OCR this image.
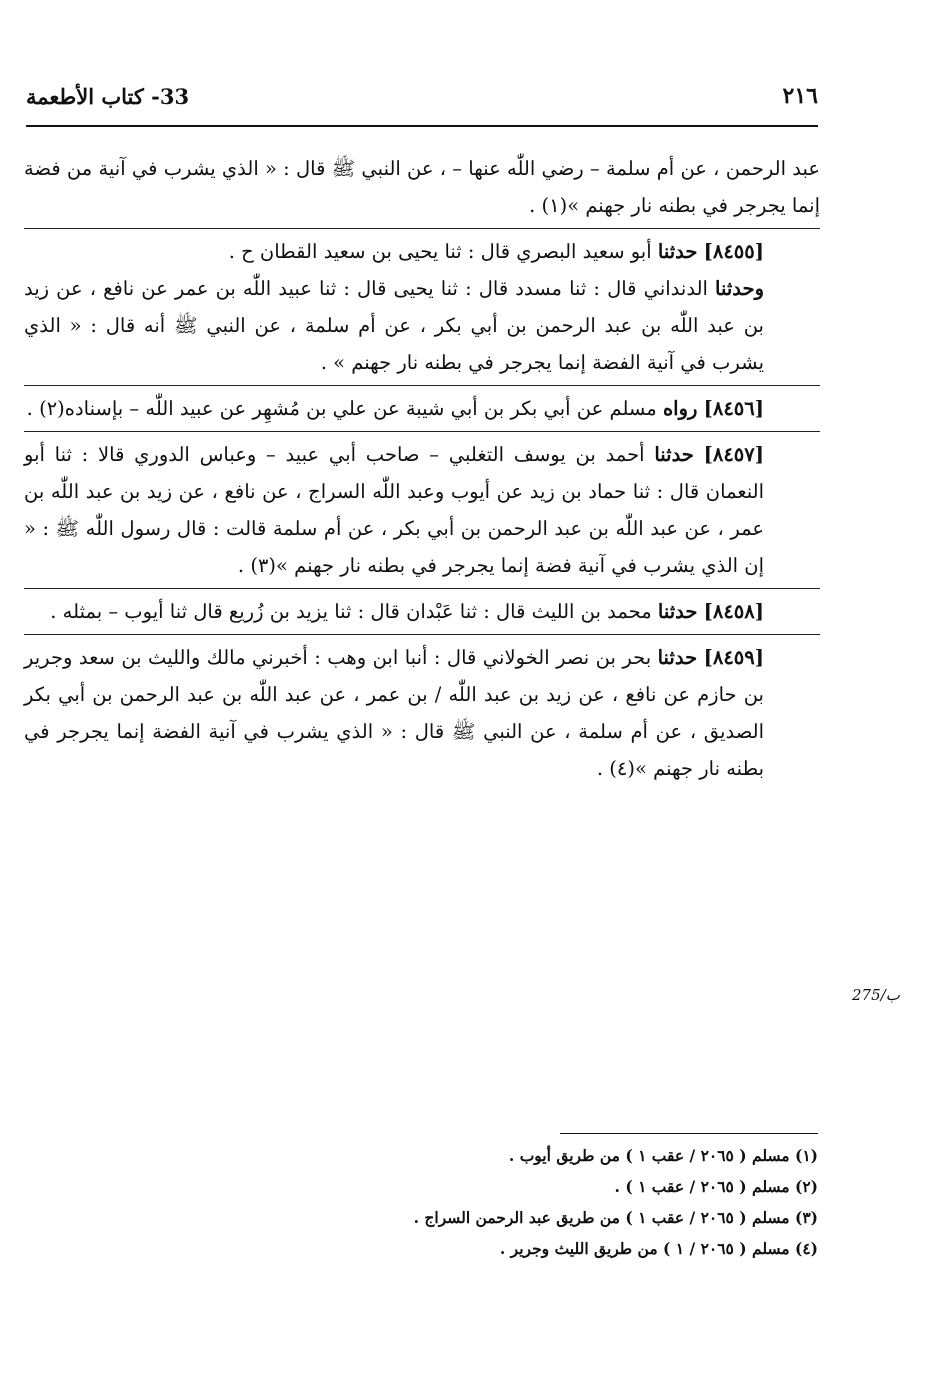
33- كتاب الأطعمة	٢١٦

عبد الرحمن ، عن أم سلمة – رضي اللّٰه عنها – ، عن النبي ﷺ قال : « الذي يشرب في آنية من فضة إنما يجرجر في بطنه نار جهنم »(١) .

[٨٤٥٥] حدثنا أبو سعيد البصري قال : ثنا يحيى بن سعيد القطان ح .

وحدثنا الدنداني قال : ثنا مسدد قال : ثنا يحيى قال : ثنا عبيد اللّٰه بن عمر عن نافع ، عن زيد بن عبد اللّٰه بن عبد الرحمن بن أبي بكر ، عن أم سلمة ، عن النبي ﷺ أنه قال : « الذي يشرب في آنية الفضة إنما يجرجر في بطنه نار جهنم » .

[٨٤٥٦] رواه مسلم عن أبي بكر بن أبي شيبة عن علي بن مُشهِر عن عبيد اللّٰه – بإسناده(٢) .

[٨٤٥٧] حدثنا أحمد بن يوسف التغلبي – صاحب أبي عبيد – وعباس الدوري قالا : ثنا أبو النعمان قال : ثنا حماد بن زيد عن أيوب وعبد اللّٰه السراج ، عن نافع ، عن زيد بن عبد اللّٰه بن عمر ، عن عبد اللّٰه بن عبد الرحمن بن أبي بكر ، عن أم سلمة قالت : قال رسول اللّٰه ﷺ : « إن الذي يشرب في آنية فضة إنما يجرجر في بطنه نار جهنم »(٣) .

[٨٤٥٨] حدثنا محمد بن الليث قال : ثنا عَبْدان قال : ثنا يزيد بن زُريع قال ثنا أيوب – بمثله .

[٨٤٥٩] حدثنا بحر بن نصر الخولاني قال : أنبا ابن وهب : أخبرني مالك والليث بن سعد وجرير بن حازم عن نافع ، عن زيد بن عبد اللّٰه / بن عمر ، عن عبد اللّٰه بن عبد الرحمن بن أبي بكر الصديق ، عن أم سلمة ، عن النبي ﷺ قال : « الذي يشرب في آنية الفضة إنما يجرجر في بطنه نار جهنم »(٤) .

275/ب

(١) مسلم ( ٢٠٦٥ / عقب ١ ) من طريق أيوب .

(٢) مسلم ( ٢٠٦٥ / عقب ١ ) .

(٣) مسلم ( ٢٠٦٥ / عقب ١ ) من طريق عبد الرحمن السراج .

(٤) مسلم ( ٢٠٦٥ / ١ ) من طريق الليث وجرير .
